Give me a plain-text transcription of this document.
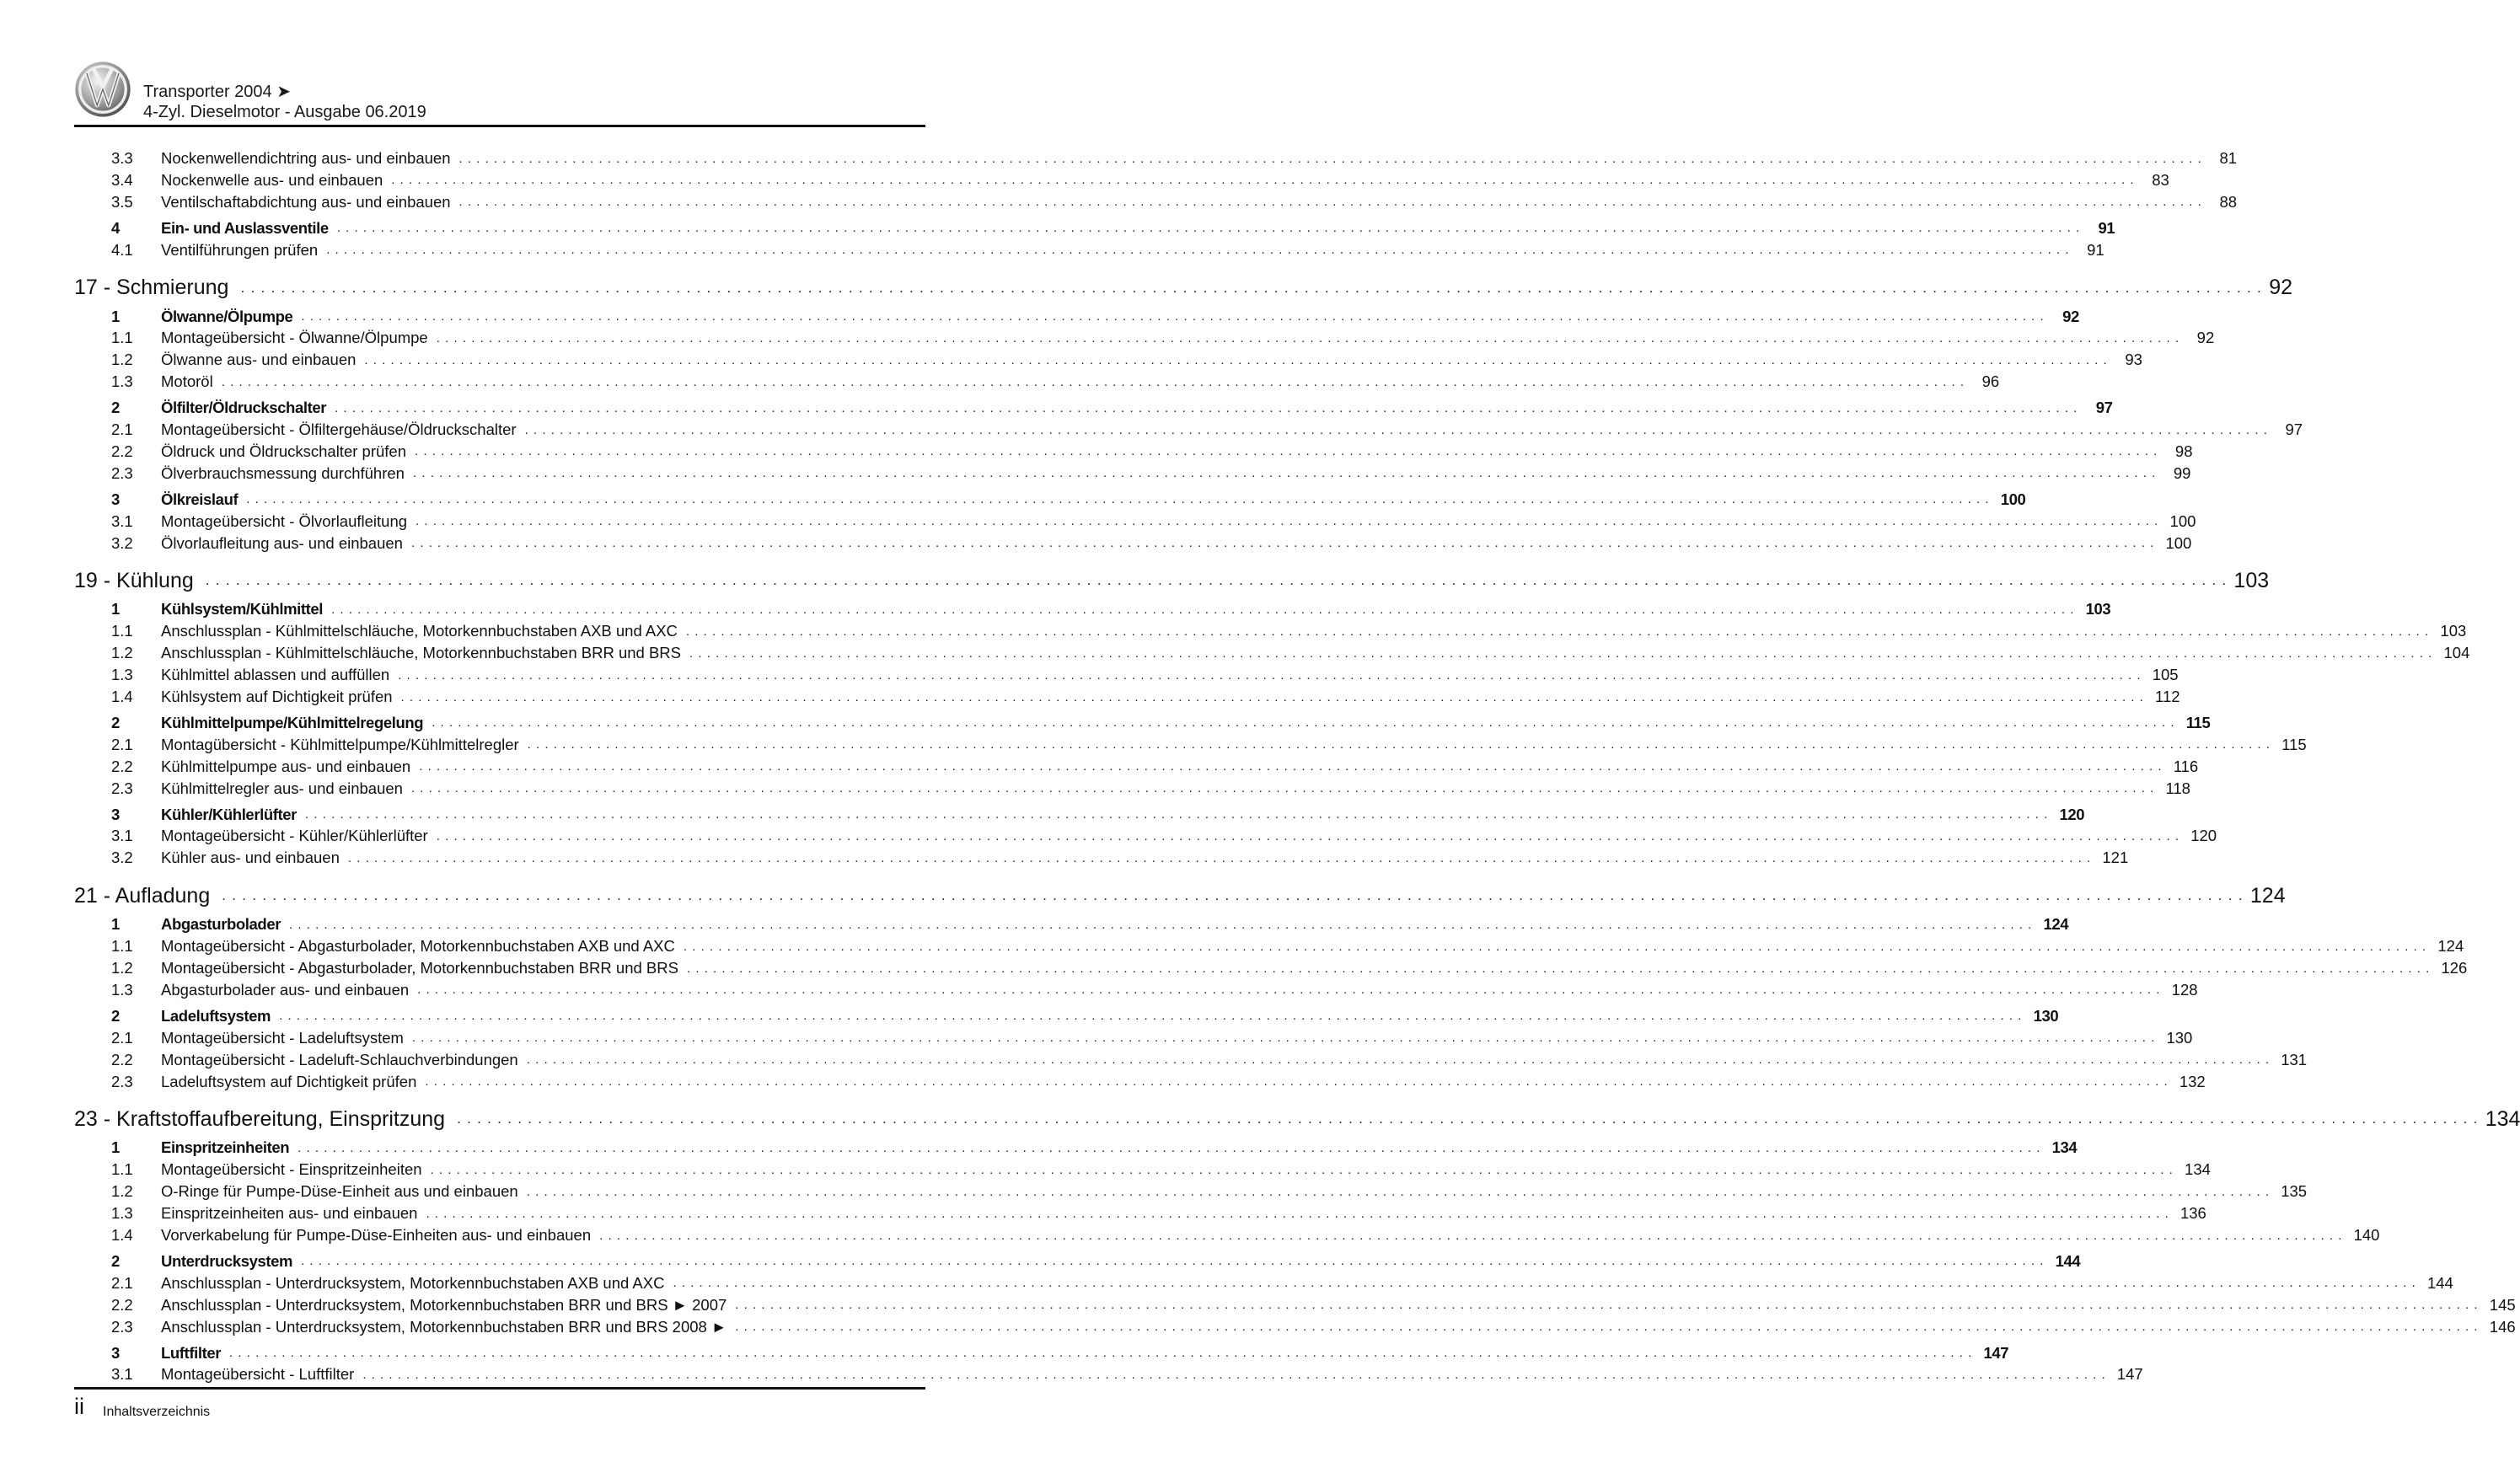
Transporter 2004 ➤
4-Zyl. Dieselmotor - Ausgabe 06.2019
3.3	Nockenwellendichtring aus- und einbauen ........................................................................................................................................................................................................ 81
3.4	Nockenwelle aus- und einbauen ........................................................................................................................................................................................................ 83
3.5	Ventilschaftabdichtung aus- und einbauen ........................................................................................................................................................................................................ 88
4	Ein- und Auslassventile ........................................................................................................................................................................................................ 91
4.1	Ventilführungen prüfen ........................................................................................................................................................................................................ 91
17 - Schmierung ........................................................................................................................................................................................................ 92
1	Ölwanne/Ölpumpe ........................................................................................................................................................................................................ 92
1.1	Montageübersicht - Ölwanne/Ölpumpe ........................................................................................................................................................................................................ 92
1.2	Ölwanne aus- und einbauen ........................................................................................................................................................................................................ 93
1.3	Motoröl ........................................................................................................................................................................................................ 96
2	Ölfilter/Öldruckschalter ........................................................................................................................................................................................................ 97
2.1	Montageübersicht - Ölfiltergehäuse/Öldruckschalter ........................................................................................................................................................................................................ 97
2.2	Öldruck und Öldruckschalter prüfen ........................................................................................................................................................................................................ 98
2.3	Ölverbrauchsmessung durchführen ........................................................................................................................................................................................................ 99
3	Ölkreislauf ........................................................................................................................................................................................................ 100
3.1	Montageübersicht - Ölvorlaufleitung ........................................................................................................................................................................................................ 100
3.2	Ölvorlaufleitung aus- und einbauen ........................................................................................................................................................................................................ 100
19 - Kühlung ........................................................................................................................................................................................................ 103
1	Kühlsystem/Kühlmittel ........................................................................................................................................................................................................ 103
1.1	Anschlussplan - Kühlmittelschläuche, Motorkennbuchstaben AXB und AXC ........................................................................................................................................................................................................ 103
1.2	Anschlussplan - Kühlmittelschläuche, Motorkennbuchstaben BRR und BRS ........................................................................................................................................................................................................ 104
1.3	Kühlmittel ablassen und auffüllen ........................................................................................................................................................................................................ 105
1.4	Kühlsystem auf Dichtigkeit prüfen ........................................................................................................................................................................................................ 112
2	Kühlmittelpumpe/Kühlmittelregelung ........................................................................................................................................................................................................ 115
2.1	Montagübersicht - Kühlmittelpumpe/Kühlmittelregler ........................................................................................................................................................................................................ 115
2.2	Kühlmittelpumpe aus- und einbauen ........................................................................................................................................................................................................ 116
2.3	Kühlmittelregler aus- und einbauen ........................................................................................................................................................................................................ 118
3	Kühler/Kühlerlüfter ........................................................................................................................................................................................................ 120
3.1	Montageübersicht - Kühler/Kühlerlüfter ........................................................................................................................................................................................................ 120
3.2	Kühler aus- und einbauen ........................................................................................................................................................................................................ 121
21 - Aufladung ........................................................................................................................................................................................................ 124
1	Abgasturbolader ........................................................................................................................................................................................................ 124
1.1	Montageübersicht - Abgasturbolader, Motorkennbuchstaben AXB und AXC ........................................................................................................................................................................................................ 124
1.2	Montageübersicht - Abgasturbolader, Motorkennbuchstaben BRR und BRS ........................................................................................................................................................................................................ 126
1.3	Abgasturbolader aus- und einbauen ........................................................................................................................................................................................................ 128
2	Ladeluftsystem ........................................................................................................................................................................................................ 130
2.1	Montageübersicht - Ladeluftsystem ........................................................................................................................................................................................................ 130
2.2	Montageübersicht - Ladeluft-Schlauchverbindungen ........................................................................................................................................................................................................ 131
2.3	Ladeluftsystem auf Dichtigkeit prüfen ........................................................................................................................................................................................................ 132
23 - Kraftstoffaufbereitung, Einspritzung ........................................................................................................................................................................................................ 134
1	Einspritzeinheiten ........................................................................................................................................................................................................ 134
1.1	Montageübersicht - Einspritzeinheiten ........................................................................................................................................................................................................ 134
1.2	O-Ringe für Pumpe-Düse-Einheit aus und einbauen ........................................................................................................................................................................................................ 135
1.3	Einspritzeinheiten aus- und einbauen ........................................................................................................................................................................................................ 136
1.4	Vorverkabelung für Pumpe-Düse-Einheiten aus- und einbauen ........................................................................................................................................................................................................ 140
2	Unterdrucksystem ........................................................................................................................................................................................................ 144
2.1	Anschlussplan - Unterdrucksystem, Motorkennbuchstaben AXB und AXC ........................................................................................................................................................................................................ 144
2.2	Anschlussplan - Unterdrucksystem, Motorkennbuchstaben BRR und BRS ► 2007 ........................................................................................................................................................................................................ 145
2.3	Anschlussplan - Unterdrucksystem, Motorkennbuchstaben BRR und BRS 2008 ► ........................................................................................................................................................................................................ 146
3	Luftfilter ........................................................................................................................................................................................................ 147
3.1	Montageübersicht - Luftfilter ........................................................................................................................................................................................................ 147
ii Inhaltsverzeichnis
